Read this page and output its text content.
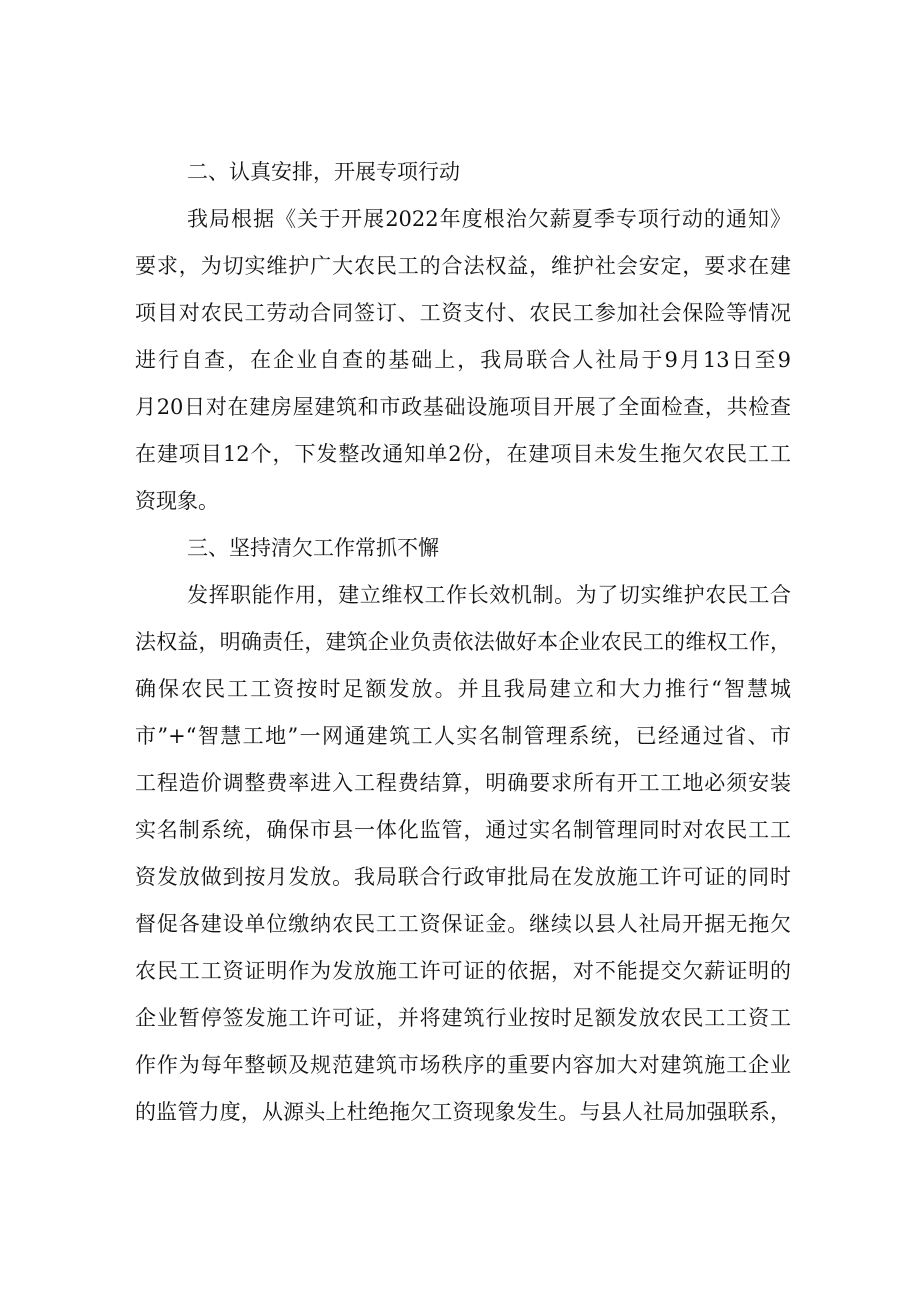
二、认真安排，开展专项行动
我局根据《关于开展2022年度根治欠薪夏季专项行动的通知》
要求，为切实维护广大农民工的合法权益，维护社会安定，要求在建
项目对农民工劳动合同签订、工资支付、农民工参加社会保险等情况
进行自查，在企业自查的基础上，我局联合人社局于9月13日至9
月20日对在建房屋建筑和市政基础设施项目开展了全面检查，共检查
在建项目12个，下发整改通知单2份，在建项目未发生拖欠农民工工
资现象。
三、坚持清欠工作常抓不懈
发挥职能作用，建立维权工作长效机制。为了切实维护农民工合
法权益，明确责任，建筑企业负责依法做好本企业农民工的维权工作，
确保农民工工资按时足额发放。并且我局建立和大力推行“智慧城
市”+“智慧工地”一网通建筑工人实名制管理系统，已经通过省、市
工程造价调整费率进入工程费结算，明确要求所有开工工地必须安装
实名制系统，确保市县一体化监管，通过实名制管理同时对农民工工
资发放做到按月发放。我局联合行政审批局在发放施工许可证的同时
督促各建设单位缴纳农民工工资保证金。继续以县人社局开据无拖欠
农民工工资证明作为发放施工许可证的依据，对不能提交欠薪证明的
企业暂停签发施工许可证，并将建筑行业按时足额发放农民工工资工
作作为每年整顿及规范建筑市场秩序的重要内容加大对建筑施工企业
的监管力度，从源头上杜绝拖欠工资现象发生。与县人社局加强联系，
